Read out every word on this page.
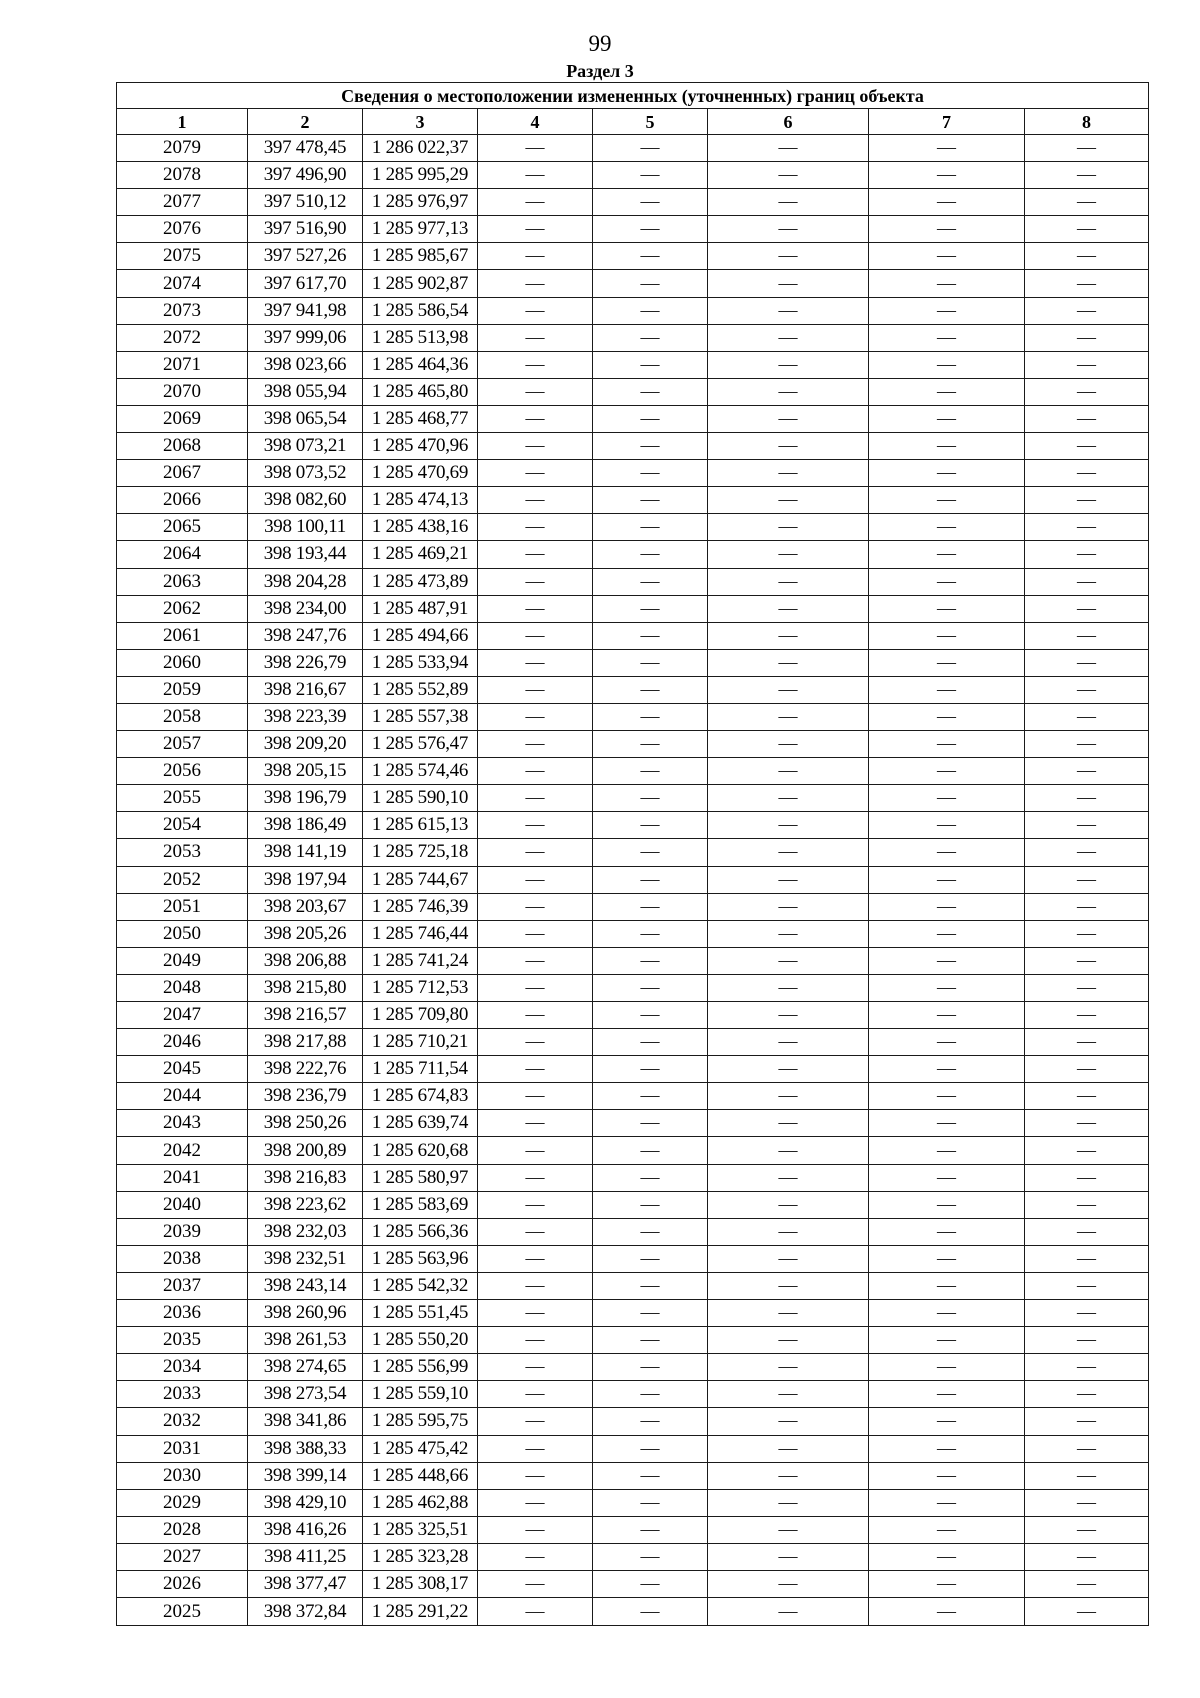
99
Раздел 3
Сведения о местоположении измененных (уточненных) границ объекта							
1	2	3	4	5	6	7	8
2079	397 478,45	1 286 022,37	—	—	—	—	—
2078	397 496,90	1 285 995,29	—	—	—	—	—
2077	397 510,12	1 285 976,97	—	—	—	—	—
2076	397 516,90	1 285 977,13	—	—	—	—	—
2075	397 527,26	1 285 985,67	—	—	—	—	—
2074	397 617,70	1 285 902,87	—	—	—	—	—
2073	397 941,98	1 285 586,54	—	—	—	—	—
2072	397 999,06	1 285 513,98	—	—	—	—	—
2071	398 023,66	1 285 464,36	—	—	—	—	—
2070	398 055,94	1 285 465,80	—	—	—	—	—
2069	398 065,54	1 285 468,77	—	—	—	—	—
2068	398 073,21	1 285 470,96	—	—	—	—	—
2067	398 073,52	1 285 470,69	—	—	—	—	—
2066	398 082,60	1 285 474,13	—	—	—	—	—
2065	398 100,11	1 285 438,16	—	—	—	—	—
2064	398 193,44	1 285 469,21	—	—	—	—	—
2063	398 204,28	1 285 473,89	—	—	—	—	—
2062	398 234,00	1 285 487,91	—	—	—	—	—
2061	398 247,76	1 285 494,66	—	—	—	—	—
2060	398 226,79	1 285 533,94	—	—	—	—	—
2059	398 216,67	1 285 552,89	—	—	—	—	—
2058	398 223,39	1 285 557,38	—	—	—	—	—
2057	398 209,20	1 285 576,47	—	—	—	—	—
2056	398 205,15	1 285 574,46	—	—	—	—	—
2055	398 196,79	1 285 590,10	—	—	—	—	—
2054	398 186,49	1 285 615,13	—	—	—	—	—
2053	398 141,19	1 285 725,18	—	—	—	—	—
2052	398 197,94	1 285 744,67	—	—	—	—	—
2051	398 203,67	1 285 746,39	—	—	—	—	—
2050	398 205,26	1 285 746,44	—	—	—	—	—
2049	398 206,88	1 285 741,24	—	—	—	—	—
2048	398 215,80	1 285 712,53	—	—	—	—	—
2047	398 216,57	1 285 709,80	—	—	—	—	—
2046	398 217,88	1 285 710,21	—	—	—	—	—
2045	398 222,76	1 285 711,54	—	—	—	—	—
2044	398 236,79	1 285 674,83	—	—	—	—	—
2043	398 250,26	1 285 639,74	—	—	—	—	—
2042	398 200,89	1 285 620,68	—	—	—	—	—
2041	398 216,83	1 285 580,97	—	—	—	—	—
2040	398 223,62	1 285 583,69	—	—	—	—	—
2039	398 232,03	1 285 566,36	—	—	—	—	—
2038	398 232,51	1 285 563,96	—	—	—	—	—
2037	398 243,14	1 285 542,32	—	—	—	—	—
2036	398 260,96	1 285 551,45	—	—	—	—	—
2035	398 261,53	1 285 550,20	—	—	—	—	—
2034	398 274,65	1 285 556,99	—	—	—	—	—
2033	398 273,54	1 285 559,10	—	—	—	—	—
2032	398 341,86	1 285 595,75	—	—	—	—	—
2031	398 388,33	1 285 475,42	—	—	—	—	—
2030	398 399,14	1 285 448,66	—	—	—	—	—
2029	398 429,10	1 285 462,88	—	—	—	—	—
2028	398 416,26	1 285 325,51	—	—	—	—	—
2027	398 411,25	1 285 323,28	—	—	—	—	—
2026	398 377,47	1 285 308,17	—	—	—	—	—
2025	398 372,84	1 285 291,22	—	—	—	—	—
